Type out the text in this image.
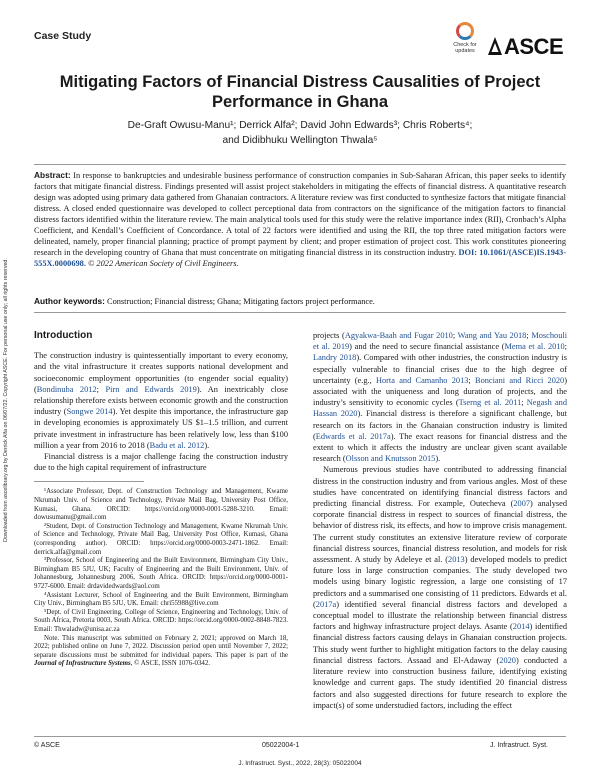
Downloaded from ascelibrary.org by Derrick Alfa on 06/07/22. Copyright ASCE. For personal use only; all rights reserved.
Case Study
Check for updates	ASCE
Mitigating Factors of Financial Distress Causalities of Project Performance in Ghana
De-Graft Owusu-Manu¹; Derrick Alfa²; David John Edwards³; Chris Roberts⁴;
and Didibhuku Wellington Thwala⁵
Abstract: In response to bankruptcies and undesirable business performance of construction companies in Sub-Saharan African, this paper seeks to identify factors that mitigate financial distress. Findings presented will assist project stakeholders in mitigating the effects of financial distress. A quantitative research design was adopted using primary data gathered from Ghanaian contractors. A literature review was first conducted to synthesize factors that mitigate financial distress. A closed ended questionnaire was developed to collect perceptional data from contractors on the significance of the mitigation factors to financial distress factors identified within the literature review. The main analytical tools used for this study were the relative importance index (RII), Cronbach’s Alpha Coefficient, and Kendall’s Coefficient of Concordance. A total of 22 factors were identified and using the RII, the top three rated mitigation factors were delineated, namely, proper financial planning; practice of prompt payment by client; and proper estimation of project cost. This work constitutes pioneering research in the developing country of Ghana that must concentrate on mitigating financial distress in its construction industry. DOI: 10.1061/(ASCE)IS.1943-555X.0000698. © 2022 American Society of Civil Engineers.
Author keywords: Construction; Financial distress; Ghana; Mitigating factors project performance.
Introduction

The construction industry is quintessentially important to every economy, and the vital infrastructure it creates supports national development and socioeconomic employment opportunities (to engender social equality) (Bondinuba 2012; Pirn and Edwards 2019). An inextricably close relationship therefore exists between economic growth and the construction industry (Songwe 2014). Yet despite this importance, the infrastructure gap in developing economies is approximately US $1–1.5 trillion, and current private investment in infrastructure has been relatively low, less than $100 million a year from 2016 to 2018 (Badu et al. 2012).

Financial distress is a major challenge facing the construction industry due to the high capital requirement of infrastructure

¹Associate Professor, Dept. of Construction Technology and Management, Kwame Nkrumah Univ. of Science and Technology, Private Mail Bag, University Post Office, Kumasi, Ghana. ORCID: https://orcid.org/0000-0001-5288-3210. Email: dowusumanu@gmail.com

²Student, Dept. of Construction Technology and Management, Kwame Nkrumah Univ. of Science and Technology, Private Mail Bag, University Post Office, Kumasi, Ghana (corresponding author). ORCID: https://orcid.org/0000-0003-2471-1862. Email: derrick.alfa@gmail.com

³Professor, School of Engineering and the Built Environment, Birmingham City Univ., Birmingham B5 5JU, UK; Faculty of Engineering and the Built Environment, Univ. of Johannesburg, Johannesburg 2006, South Africa. ORCID: https://orcid.org/0000-0001-9727-6000. Email: drdavidedwards@aol.com

⁴Assistant Lecturer, School of Engineering and the Built Environment, Birmingham City Univ., Birmingham B5 5JU, UK. Email: chri55988@live.com

⁵Dept. of Civil Engineering, College of Science, Engineering and Technology, Univ. of South Africa, Pretoria 0003, South Africa. ORCID: https://orcid.org/0000-0002-8848-7823. Email: Thwaladw@unisa.ac.za

Note. This manuscript was submitted on February 2, 2021; approved on March 18, 2022; published online on June 7, 2022. Discussion period open until November 7, 2022; separate discussions must be submitted for individual papers. This paper is part of the Journal of Infrastructure Systems, © ASCE, ISSN 1076-0342.

projects (Agyakwa-Baah and Fugar 2010; Wang and Yau 2018; Moschouli et al. 2019) and the need to secure financial assistance (Mema et al. 2010; Landry 2018). Compared with other industries, the construction industry is especially vulnerable to financial crises due to the high degree of uncertainty (e.g., Horta and Camanho 2013; Bonciani and Ricci 2020) associated with the uniqueness and long duration of projects, and the industry’s sensitivity to economic cycles (Tserng et al. 2011; Negash and Hassan 2020). Financial distress is therefore a significant challenge, but research on its factors in the Ghanaian construction industry is limited (Edwards et al. 2017a). The exact reasons for financial distress and the extent to which it affects the industry are unclear given scant available research (Olsson and Knutsson 2015).

Numerous previous studies have contributed to addressing financial distress in the construction industry and from various angles. Most of these studies have concentrated on identifying financial distress factors and predicting financial distress. For example, Outecheva (2007) analysed corporate financial distress in respect to sources of financial distress, the behavior of distress risk, its effects, and how to improve crisis management. The current study constitutes an extensive literature review of corporate financial distress sources, financial distress resolution, and models for risk assessment. A study by Adeleye et al. (2013) developed models to predict future loss in large construction companies. The study developed two models using binary logistic regression, a large one consisting of 17 predictors and a summarised one consisting of 11 predictors. Edwards et al. (2017a) identified several financial distress factors and developed a conceptual model to illustrate the relationship between financial distress factors and highway infrastructure project delays. Asante (2014) identified financial distress factors causing delays in Ghanaian construction projects. This study went further to highlight mitigation factors to the delay causing financial distress factors. Assaad and El-Adaway (2020) conducted a literature review into construction business failure, identifying existing knowledge and current gaps. The study identified 20 financial distress factors and also suggested directions for future research to explore the impact(s) of some understudied factors, including the effect

© ASCE	05022004-1	J. Infrastruct. Syst.
J. Infrastruct. Syst., 2022, 28(3): 05022004
